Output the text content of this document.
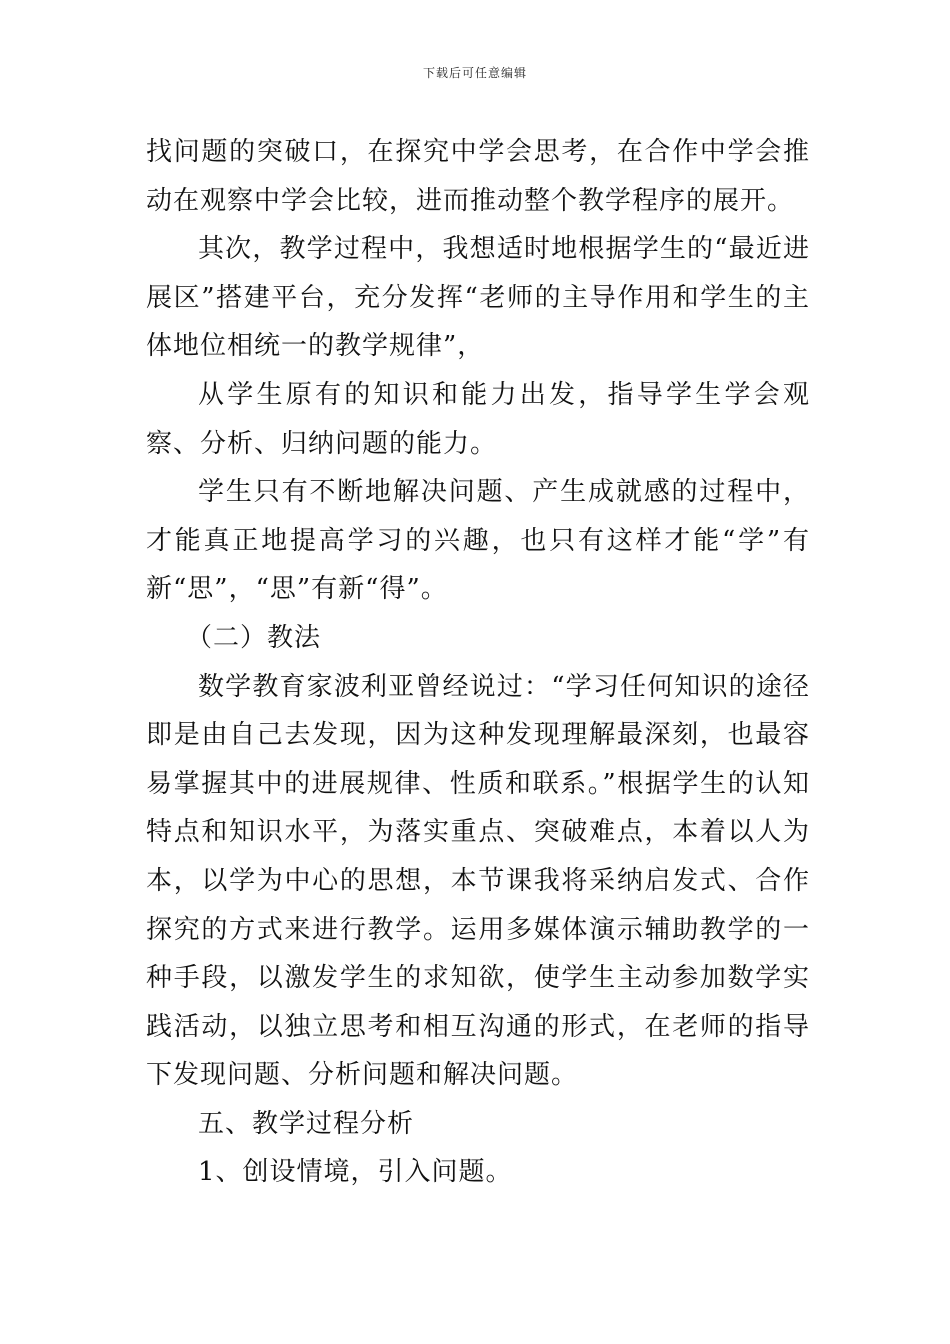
下载后可任意编辑

找问题的突破口，在探究中学会思考，在合作中学会推动在观察中学会比较，进而推动整个教学程序的展开。

其次，教学过程中，我想适时地根据学生的“最近进展区”搭建平台，充分发挥“老师的主导作用和学生的主体地位相统一的教学规律”，

从学生原有的知识和能力出发，指导学生学会观察、分析、归纳问题的能力。

学生只有不断地解决问题、产生成就感的过程中，才能真正地提高学习的兴趣，也只有这样才能“学”有新“思”，“思”有新“得”。

（二）教法

数学教育家波利亚曾经说过：“学习任何知识的途径即是由自己去发现，因为这种发现理解最深刻，也最容易掌握其中的进展规律、性质和联系。”根据学生的认知特点和知识水平，为落实重点、突破难点，本着以人为本，以学为中心的思想，本节课我将采纳启发式、合作探究的方式来进行教学。运用多媒体演示辅助教学的一种手段，以激发学生的求知欲，使学生主动参加数学实践活动，以独立思考和相互沟通的形式，在老师的指导下发现问题、分析问题和解决问题。

五、教学过程分析

1、创设情境，引入问题。
